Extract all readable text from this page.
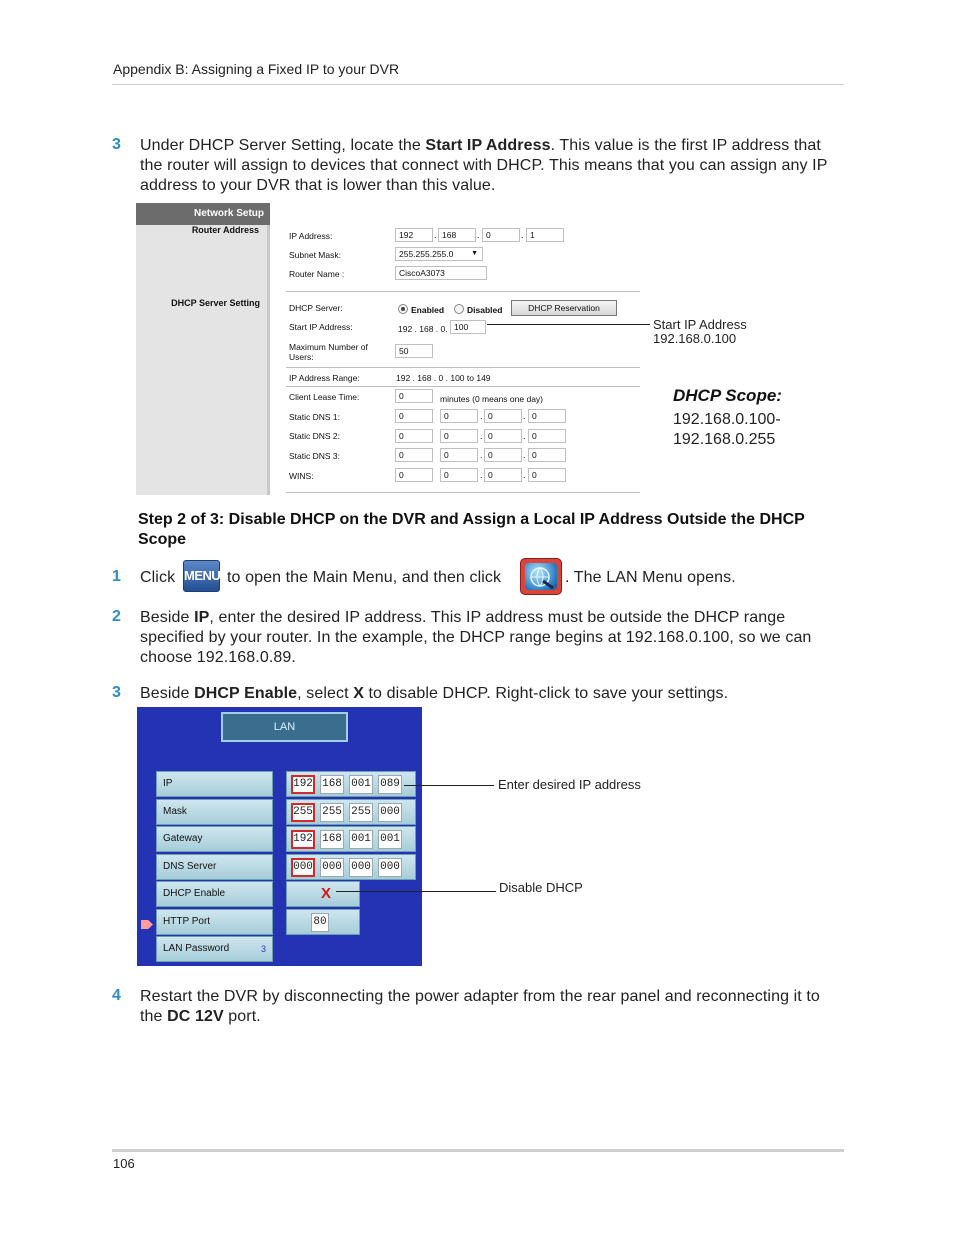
Appendix B: Assigning a Fixed IP to your DVR
3 Under DHCP Server Setting, locate the Start IP Address. This value is the first IP address that the router will assign to devices that connect with DHCP. This means that you can assign any IP address to your DVR that is lower than this value.
Network Setup
Router Address
DHCP Server Setting
IP Address:	192	. 168	. 0	. 1
Subnet Mask:	255.255.255.0	▼
Router Name :	CiscoA3073
DHCP Server:	Enabled	Disabled	DHCP Reservation
Start IP Address:	192 . 168 . 0. 100
Maximum Number of Users:
50
IP Address Range:	192 . 168 . 0 . 100 to 149
Client Lease Time:	0	minutes (0 means one day)
Static DNS 1:	0	0	. 0	. 0
Static DNS 2:	0	0	. 0	. 0
Static DNS 3:	0	0	. 0	. 0
WINS:	0	0	. 0	. 0
Start IP Address
192.168.0.100
DHCP Scope:
192.168.0.100-
192.168.0.255
Step 2 of 3: Disable DHCP on the DVR and Assign a Local IP Address Outside the DHCP Scope
1 Click MENU to open the Main Menu, and then click	. The LAN Menu opens.
2 Beside IP, enter the desired IP address. This IP address must be outside the DHCP range specified by your router. In the example, the DHCP range begins at 192.168.0.100, so we can choose 192.168.0.89.
3 Beside DHCP Enable, select X to disable DHCP. Right-click to save your settings.
LAN
IP	192 168 001 089
Mask	255 255 255 000
Gateway	192 168 001 001
DNS Server	000 000 000 000
DHCP Enable	X
HTTP Port	80
LAN Password	3
Enter desired IP address
Disable DHCP
4 Restart the DVR by disconnecting the power adapter from the rear panel and reconnecting it to the DC 12V port.
106
